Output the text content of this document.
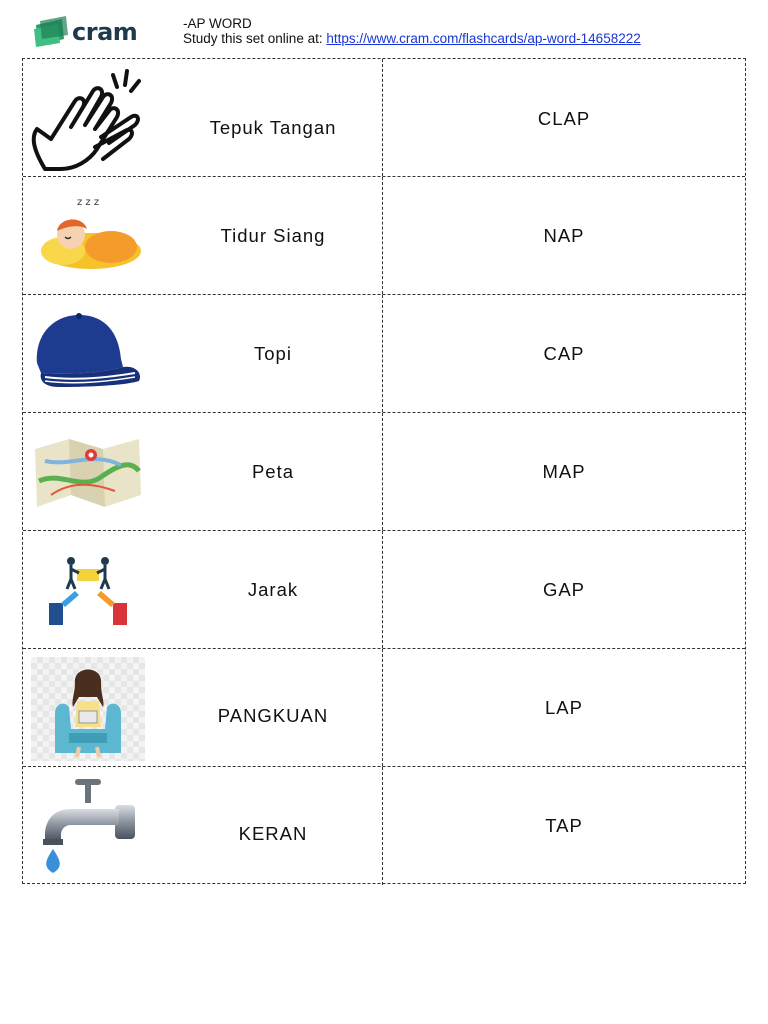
cram	-AP WORD
Study this set online at: https://www.cram.com/flashcards/ap-word-14658222
Tepuk Tangan	CLAP
z z z
Tidur Siang	NAP
Topi	CAP
Peta	MAP
Jarak	GAP
PANGKUAN	LAP
KERAN	TAP
